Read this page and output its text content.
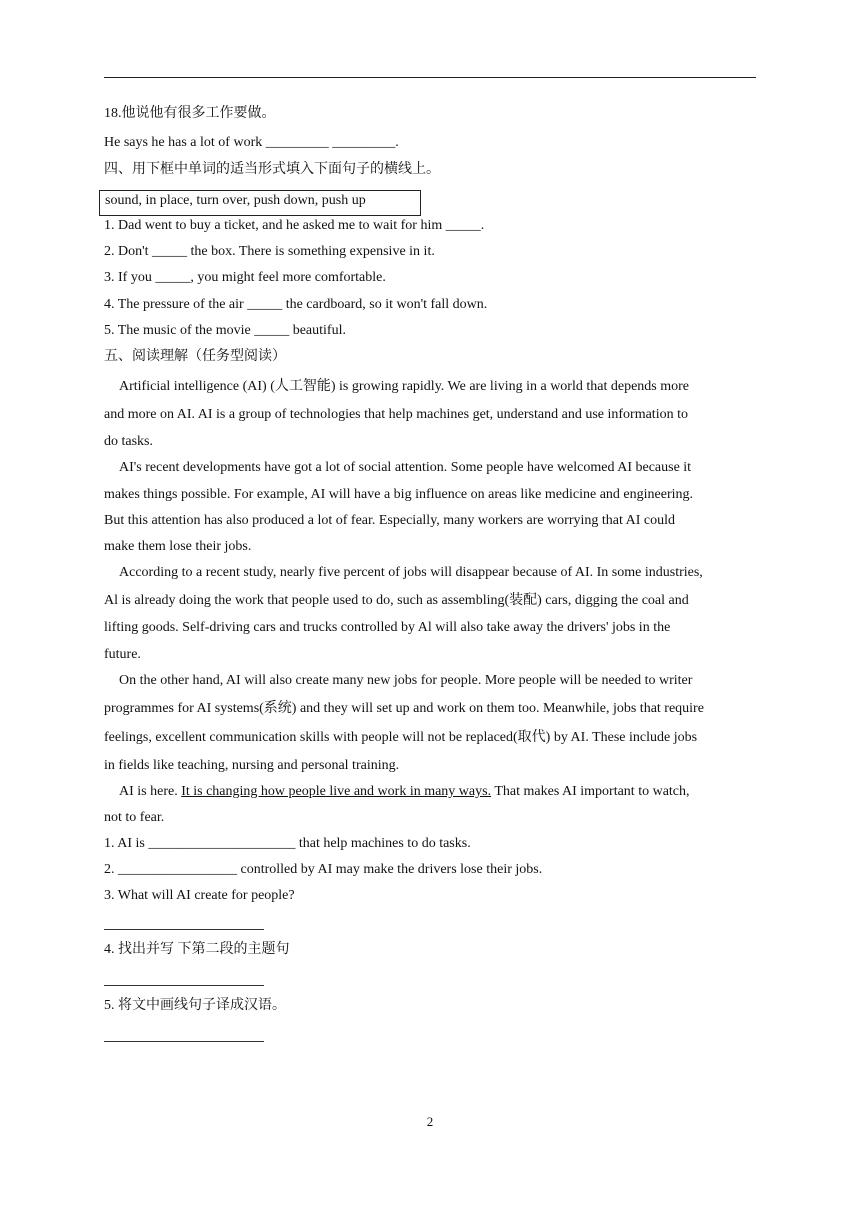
18.他说他有很多工作要做。
He says he has a lot of work _________ _________.
四、用下框中单词的适当形式填入下面句子的横线上。
sound, in place, turn over, push down, push up
1. Dad went to buy a ticket, and he asked me to wait for him _____.
2. Don't _____ the box. There is something expensive in it.
3. If you _____, you might feel more comfortable.
4. The pressure of the air _____ the cardboard, so it won't fall down.
5. The music of the movie _____ beautiful.
五、阅读理解（任务型阅读）
Artificial intelligence (AI) (人工智能) is growing rapidly. We are living in a world that depends more
and more on AI. AI is a group of technologies that help machines get, understand and use information to
do tasks.
AI's recent developments have got a lot of social attention. Some people have welcomed AI because it
makes things possible. For example, AI will have a big influence on areas like medicine and engineering.
But this attention has also produced a lot of fear. Especially, many workers are worrying that AI could
make them lose their jobs.
According to a recent study, nearly five percent of jobs will disappear because of AI. In some industries,
Al is already doing the work that people used to do, such as assembling(装配) cars, digging the coal and
lifting goods. Self-driving cars and trucks controlled by Al will also take away the drivers' jobs in the
future.
On the other hand, AI will also create many new jobs for people. More people will be needed to writer
programmes for AI systems(系统) and they will set up and work on them too. Meanwhile, jobs that require
feelings, excellent communication skills with people will not be replaced(取代) by AI. These include jobs
in fields like teaching, nursing and personal training.
AI is here. It is changing how people live and work in many ways. That makes AI important to watch,
not to fear.
1. AI is _____________________ that help machines to do tasks.
2. _________________ controlled by AI may make the drivers lose their jobs.
3. What will AI create for people?
4. 找出并写 下第二段的主题句
5. 将文中画线句子译成汉语。
2
